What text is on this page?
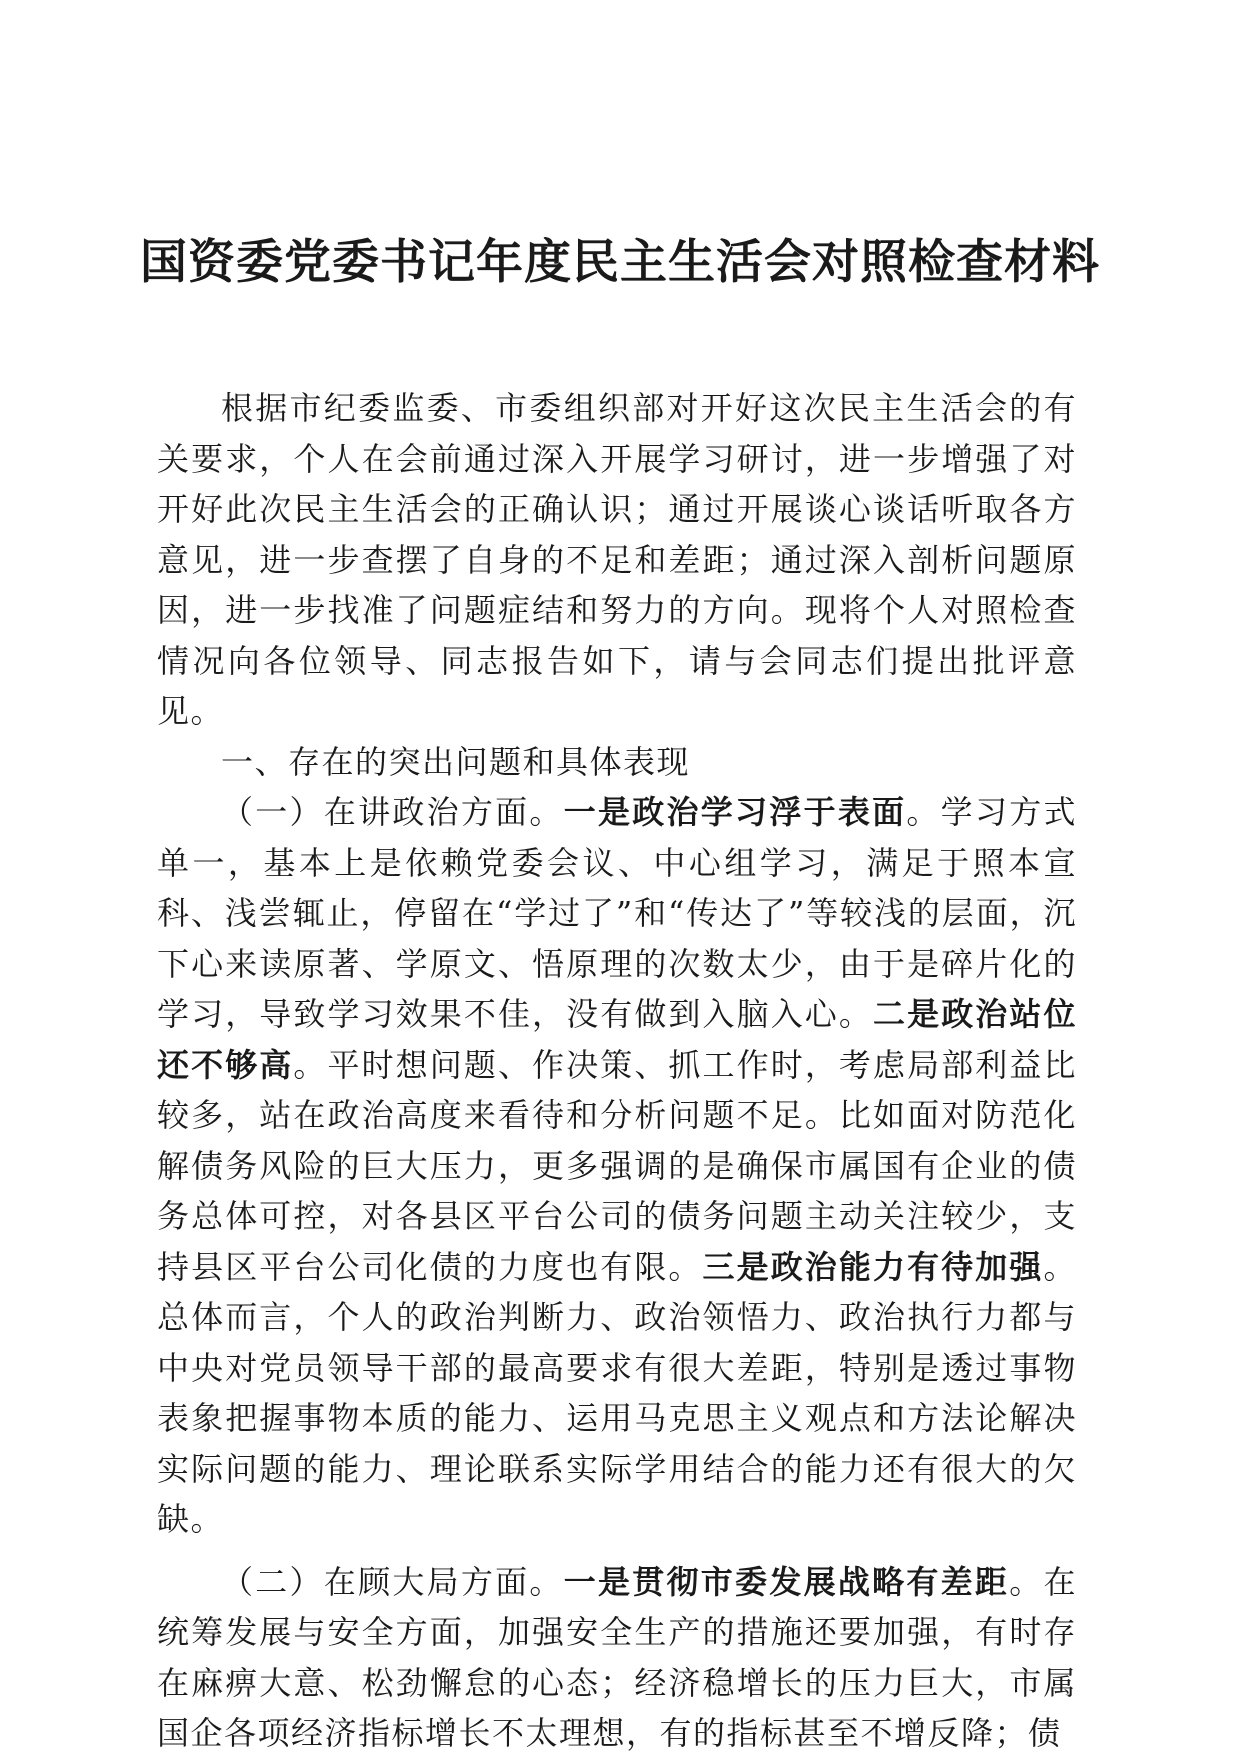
国资委党委书记年度民主生活会对照检查材料

根据市纪委监委、市委组织部对开好这次民主生活会的有关要求，个人在会前通过深入开展学习研讨，进一步增强了对开好此次民主生活会的正确认识；通过开展谈心谈话听取各方意见，进一步查摆了自身的不足和差距；通过深入剖析问题原因，进一步找准了问题症结和努力的方向。现将个人对照检查情况向各位领导、同志报告如下，请与会同志们提出批评意见。

一、存在的突出问题和具体表现

（一）在讲政治方面。一是政治学习浮于表面。学习方式单一，基本上是依赖党委会议、中心组学习，满足于照本宣科、浅尝辄止，停留在“学过了”和“传达了”等较浅的层面，沉下心来读原著、学原文、悟原理的次数太少，由于是碎片化的学习，导致学习效果不佳，没有做到入脑入心。二是政治站位还不够高。平时想问题、作决策、抓工作时，考虑局部利益比较多，站在政治高度来看待和分析问题不足。比如面对防范化解债务风险的巨大压力，更多强调的是确保市属国有企业的债务总体可控，对各县区平台公司的债务问题主动关注较少，支持县区平台公司化债的力度也有限。三是政治能力有待加强。总体而言，个人的政治判断力、政治领悟力、政治执行力都与中央对党员领导干部的最高要求有很大差距，特别是透过事物表象把握事物本质的能力、运用马克思主义观点和方法论解决实际问题的能力、理论联系实际学用结合的能力还有很大的欠缺。

（二）在顾大局方面。一是贯彻市委发展战略有差距。在统筹发展与安全方面，加强安全生产的措施还要加强，有时存在麻痹大意、松劲懈怠的心态；经济稳增长的压力巨大，市属国企各项经济指标增长不太理想，有的指标甚至不增反降；债
